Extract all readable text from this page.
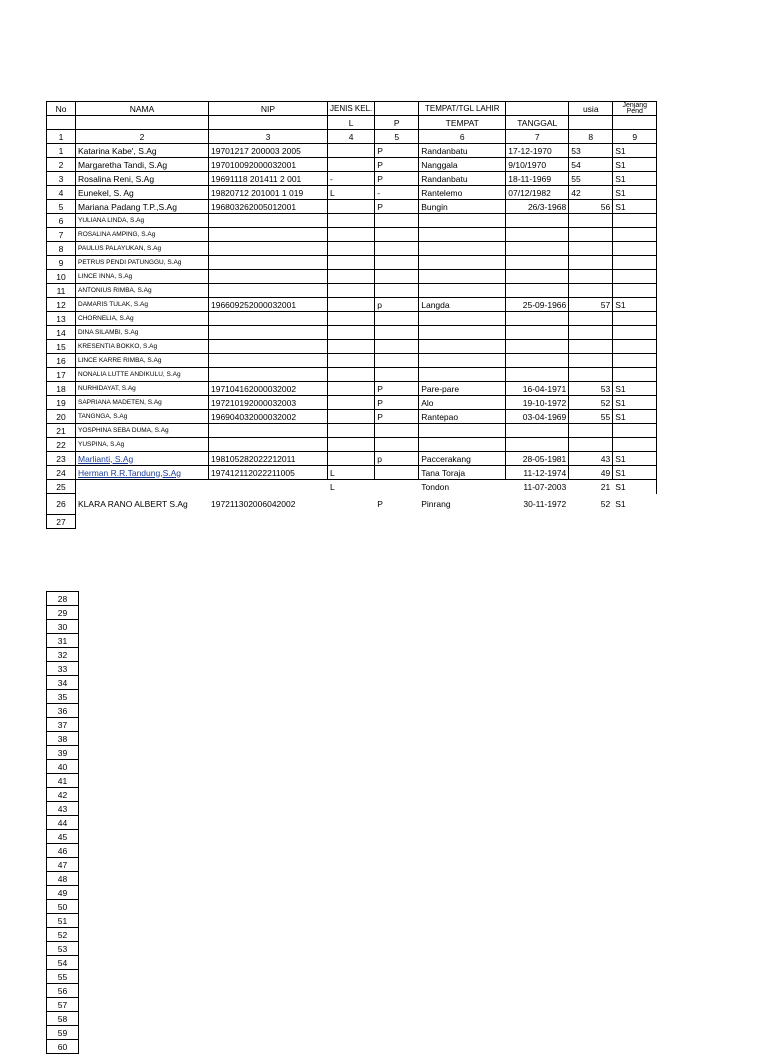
No	NAMA	NIP	JENIS KEL.		TEMPAT/TGL LAHIR		usia	Jenjang Pend
			L	P	TEMPAT	TANGGAL		
1	2	3	4	5	6	7	8	9
1	Katarina Kabe', S.Ag	19701217 200003 2005		P	Randanbatu	17-12-1970	53	S1
2	Margaretha Tandi, S.Ag	197010092000032001		P	Nanggala	9/10/1970	54	S1
3	Rosalina Reni, S.Ag	19691118 201411 2 001	-	P	Randanbatu	18-11-1969	55	S1
4	Eunekel, S. Ag	19820712 201001 1 019	L	-	Rantelemo	07/12/1982	42	S1
5	Mariana Padang T.P.,S.Ag	196803262005012001		P	Bungin	26/3-1968	56	S1
6	YULIANA LINDA, S.Ag							
7	ROSALINA AMPING, S.Ag							
8	PAULUS PALAYUKAN, S.Ag							
9	PETRUS PENDI PATUNGGU, S.Ag							
10	LINCE INNA, S.Ag							
11	ANTONIUS RIMBA, S.Ag							
12	DAMARIS TULAK, S.Ag	196609252000032001		p	Langda	25-09-1966	57	S1
13	CHORNELIA, S.Ag							
14	DINA SILAMBI, S.Ag							
15	KRESENTIA BOKKO, S.Ag							
16	LINCE KARRE RIMBA, S.Ag							
17	NONALIA LUTTE ANDIKULU, S.Ag							
18	NURHIDAYAT, S.Ag	197104162000032002		P	Pare-pare	16-04-1971	53	S1
19	SAPRIANA MADETEN, S.Ag	197210192000032003		P	Alo	19-10-1972	52	S1
20	TANGNGA, S.Ag	196904032000032002		P	Rantepao	03-04-1969	55	S1
21	YOSPHINA SEBA DUMA, S.Ag							
22	YUSPINA, S.Ag							
23	Marlianti, S.Ag	198105282022212011		p	Paccerakang	28-05-1981	43	S1
24	Herman R.R.Tandung,S.Ag	197412112022211005	L		Tana Toraja	11-12-1974	49	S1
25			L		Tondon	11-07-2003	21	S1
26	KLARA RANO ALBERT S.Ag	197211302006042002		P	Pinrang	30-11-1972	52	S1
27								
28
29
30
31
32
33
34
35
36
37
38
39
40
41
42
43
44
45
46
47
48
49
50
51
52
53
54
55
56
57
58
59
60
